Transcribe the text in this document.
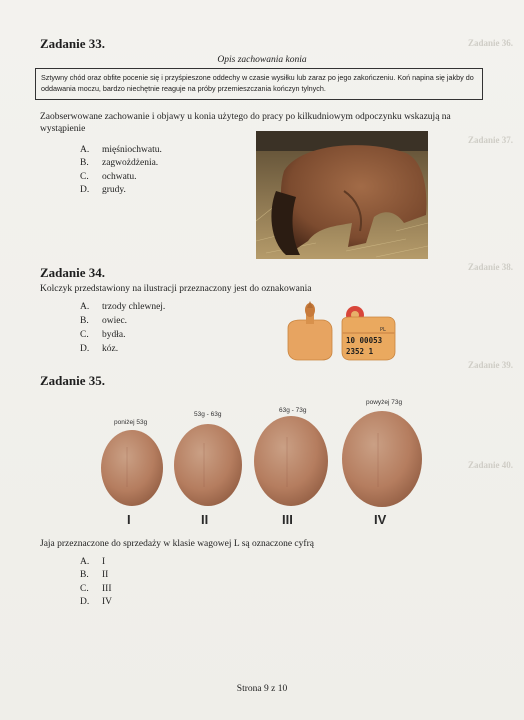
Zadanie 36.
Zadanie 37.
Zadanie 38.
Zadanie 39.
Zadanie 40.
Zadanie 33.
Opis zachowania konia
Sztywny chód oraz obfite pocenie się i przyśpieszone oddechy w czasie wysiłku lub zaraz po jego zakończeniu. Koń napina się jakby do oddawania moczu, bardzo niechętnie reaguje na próby przemieszczania kończyn tylnych.
Zaobserwowane zachowanie i objawy u konia użytego do pracy po kilkudniowym odpoczynku wskazują na wystąpienie
A. mięśniochwatu.
B. zagwożdżenia.
C. ochwatu.
D. grudy.
Zadanie 34.
Kolczyk przedstawiony na ilustracji przeznaczony jest do oznakowania
A. trzody chlewnej.
B. owiec.
C. bydła.
D. kóz.
PL
10 00053
2352 1
Zadanie 35.
poniżej 53g
53g - 63g
63g - 73g
powyżej 73g
I	II	III	IV
Jaja przeznaczone do sprzedaży w klasie wagowej L są oznaczone cyfrą
A. I
B. II
C. III
D. IV
Strona 9 z 10
